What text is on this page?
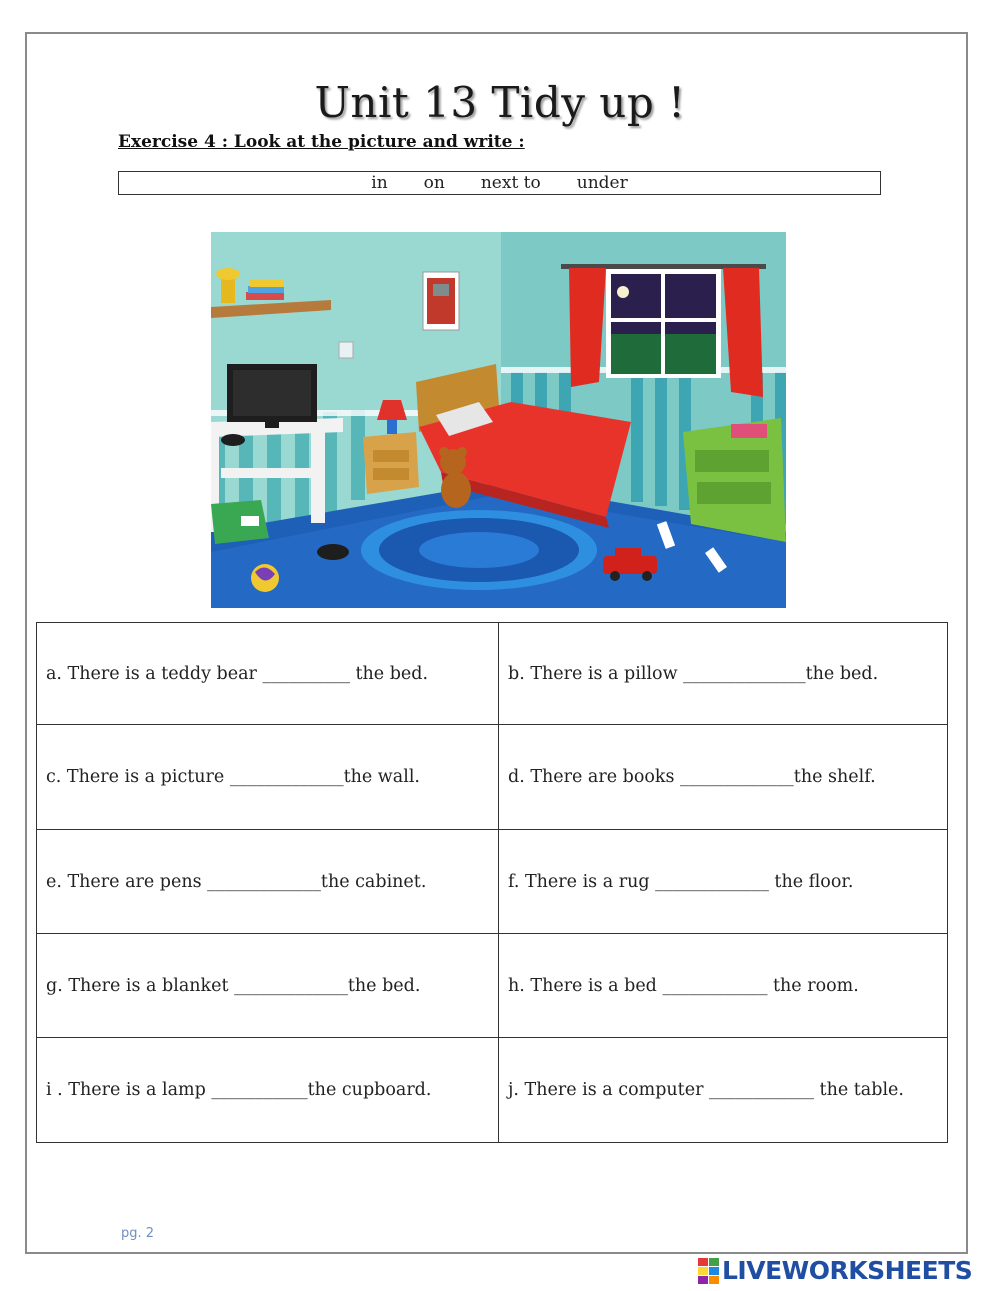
Unit 13 Tidy up !
Exercise 4 : Look at the picture and write :
in on next to under
a. There is a teddy bear __________ the bed.	b. There is a pillow ______________the bed.
c. There is a picture _____________the wall.	d. There are books _____________the shelf.
e. There are pens _____________the cabinet.	f. There is a rug _____________ the floor.
g. There is a blanket _____________the bed.	h. There is a bed ____________ the room.
i . There is a lamp ___________the cupboard.	j. There is a computer ____________ the table.
pg. 2
LIVEWORKSHEETS
